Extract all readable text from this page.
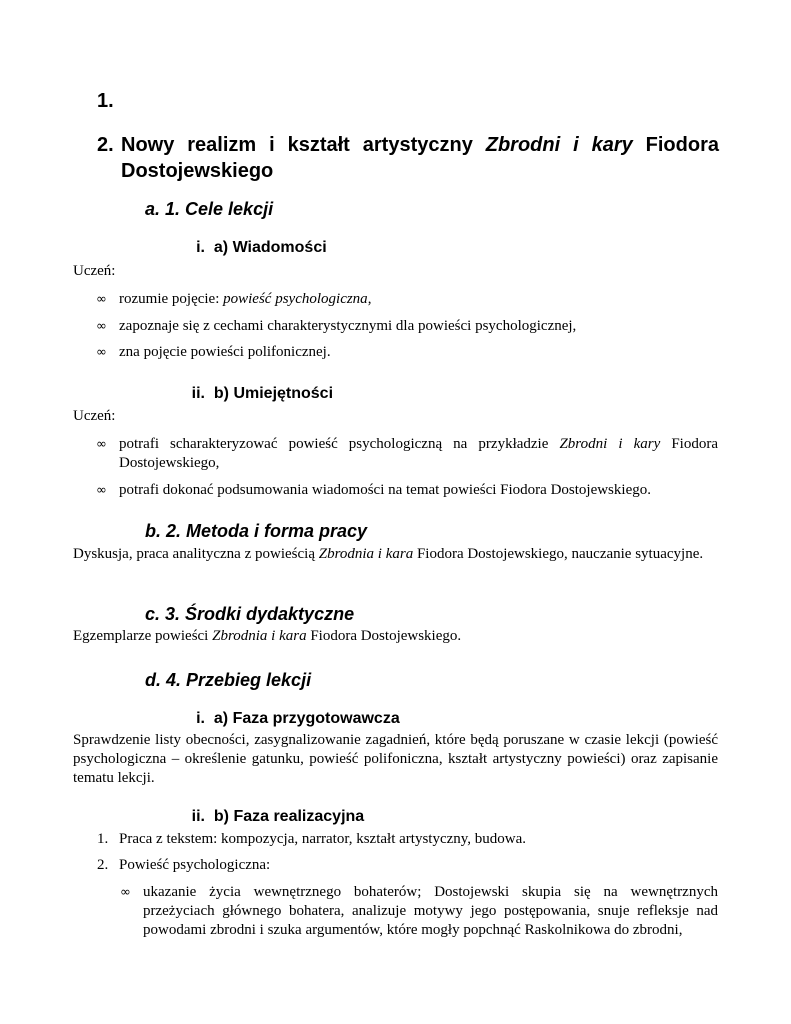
1.
2. Nowy realizm i kształt artystyczny Zbrodni i kary Fiodora Dostojewskiego
a. 1. Cele lekcji
i. a) Wiadomości
Uczeń:
∞ rozumie pojęcie: powieść psychologiczna,
∞ zapoznaje się z cechami charakterystycznymi dla powieści psychologicznej,
∞ zna pojęcie powieści polifonicznej.
ii. b) Umiejętności
Uczeń:
∞ potrafi scharakteryzować powieść psychologiczną na przykładzie Zbrodni i kary Fiodora Dostojewskiego,
∞ potrafi dokonać podsumowania wiadomości na temat powieści Fiodora Dostojewskiego.
b. 2. Metoda i forma pracy
Dyskusja, praca analityczna z powieścią Zbrodnia i kara Fiodora Dostojewskiego, nauczanie sytuacyjne.
c. 3. Środki dydaktyczne
Egzemplarze powieści Zbrodnia i kara Fiodora Dostojewskiego.
d. 4. Przebieg lekcji
i. a) Faza przygotowawcza
Sprawdzenie listy obecności, zasygnalizowanie zagadnień, które będą poruszane w czasie lekcji (powieść psychologiczna – określenie gatunku, powieść polifoniczna, kształt artystyczny powieści) oraz zapisanie tematu lekcji.
ii. b) Faza realizacyjna
1. Praca z tekstem: kompozycja, narrator, kształt artystyczny, budowa.
2. Powieść psychologiczna:
∞ ukazanie życia wewnętrznego bohaterów; Dostojewski skupia się na wewnętrznych przeżyciach głównego bohatera, analizuje motywy jego postępowania, snuje refleksje nad powodami zbrodni i szuka argumentów, które mogły popchnąć Raskolnikowa do zbrodni,
